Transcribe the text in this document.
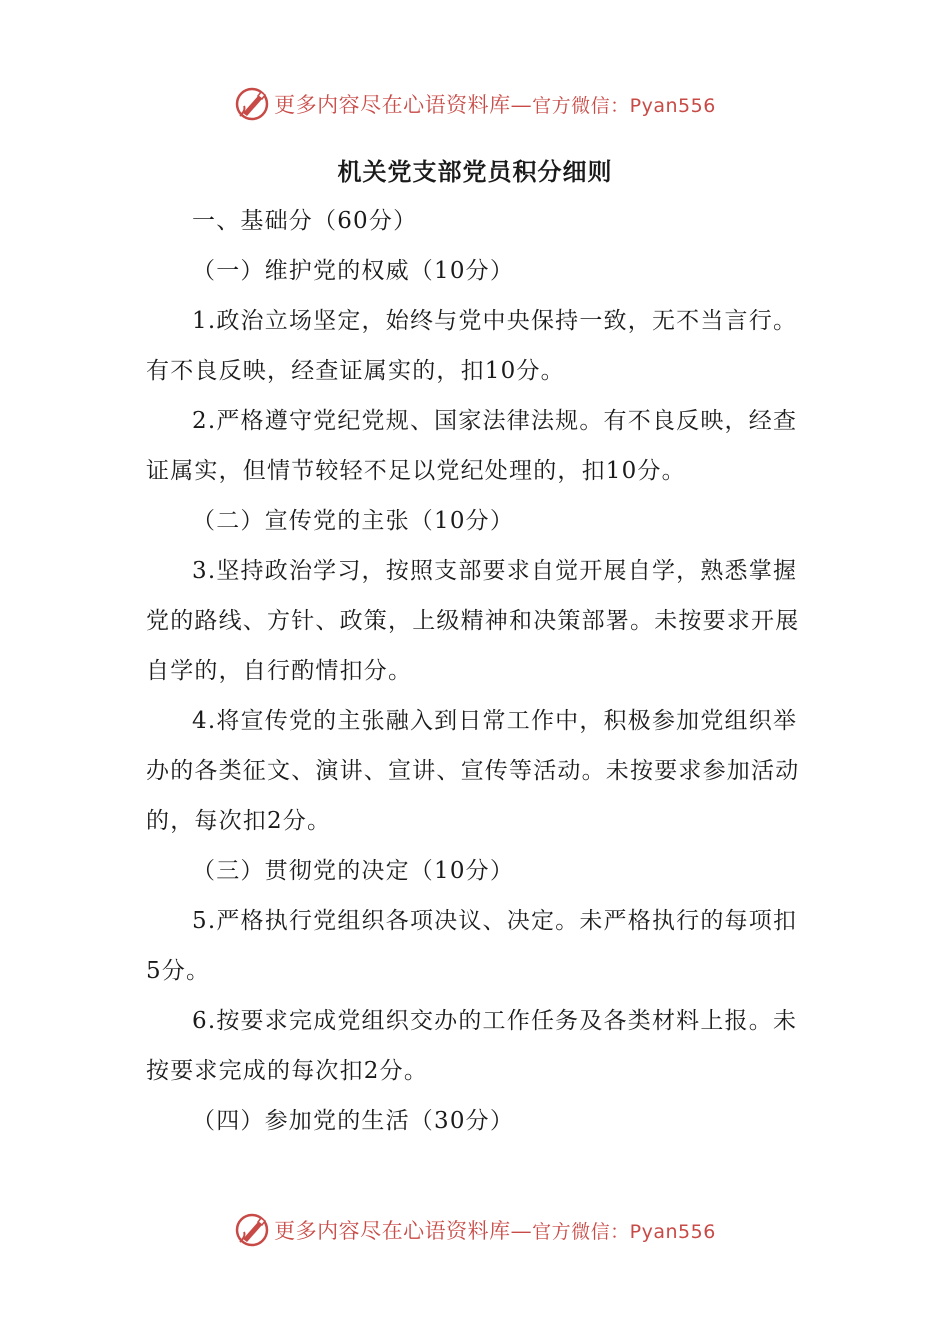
更多内容尽在心语资料库—官方微信：Pyan556
机关党支部党员积分细则

一、基础分（60分）

（一）维护党的权威（10分）

1.政治立场坚定，始终与党中央保持一致，无不当言行。有不良反映，经查证属实的，扣10分。

2.严格遵守党纪党规、国家法律法规。有不良反映，经查证属实，但情节较轻不足以党纪处理的，扣10分。

（二）宣传党的主张（10分）

3.坚持政治学习，按照支部要求自觉开展自学，熟悉掌握党的路线、方针、政策，上级精神和决策部署。未按要求开展自学的，自行酌情扣分。

4.将宣传党的主张融入到日常工作中，积极参加党组织举办的各类征文、演讲、宣讲、宣传等活动。未按要求参加活动的，每次扣2分。

（三）贯彻党的决定（10分）

5.严格执行党组织各项决议、决定。未严格执行的每项扣5分。

6.按要求完成党组织交办的工作任务及各类材料上报。未按要求完成的每次扣2分。

（四）参加党的生活（30分）

更多内容尽在心语资料库—官方微信：Pyan556
